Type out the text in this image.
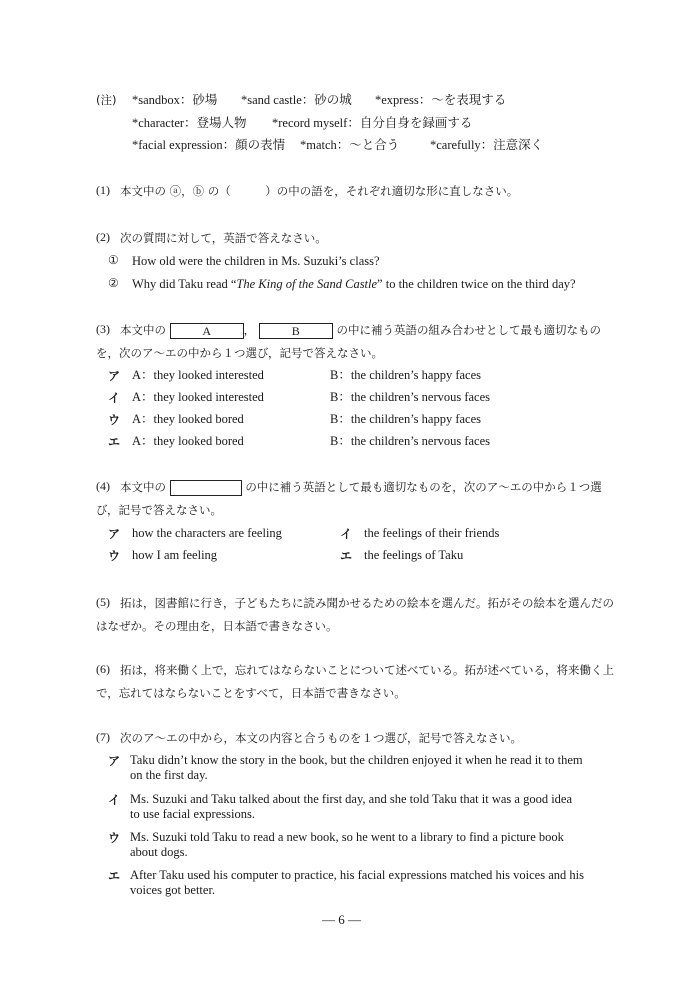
(注) *sandbox：砂場 *sand castle：砂の城 *express：～を表現する
*character：登場人物 *record myself：自分自身を録画する
*facial expression：顔の表情 *match：～と合う *carefully：注意深く
(1) 本文中の ⓐ，ⓑ の（　　　）の中の語を，それぞれ適切な形に直しなさい。
(2) 次の質問に対して，英語で答えなさい。
① How old were the children in Ms. Suzuki’s class?
② Why did Taku read “The King of the Sand Castle” to the children twice on the third day?
(3) 本文中の	A	，	B	の中に補う英語の組み合わせとして最も適切なもの
を，次のア～エの中から１つ選び，記号で答えなさい。
ア A：they looked interested	B：the children’s happy faces
イ A：they looked interested	B：the children’s nervous faces
ウ A：they looked bored	B：the children’s happy faces
エ A：they looked bored	B：the children’s nervous faces
(4) 本文中の	の中に補う英語として最も適切なものを，次のア～エの中から１つ選
び，記号で答えなさい。
ア how the characters are feeling	イ the feelings of their friends
ウ how I am feeling	エ the feelings of Taku
(5) 拓は，図書館に行き，子どもたちに読み聞かせるための絵本を選んだ。拓がその絵本を選んだの
はなぜか。その理由を，日本語で書きなさい。
(6) 拓は，将来働く上で，忘れてはならないことについて述べている。拓が述べている，将来働く上
で，忘れてはならないことをすべて，日本語で書きなさい。
(7) 次のア～エの中から，本文の内容と合うものを１つ選び，記号で答えなさい。
ア Taku didn’t know the story in the book, but the children enjoyed it when he read it to them
on the first day.
イ Ms. Suzuki and Taku talked about the first day, and she told Taku that it was a good idea
to use facial expressions.
ウ Ms. Suzuki told Taku to read a new book, so he went to a library to find a picture book
about dogs.
エ After Taku used his computer to practice, his facial expressions matched his voices and his
voices got better.
— 6 —
